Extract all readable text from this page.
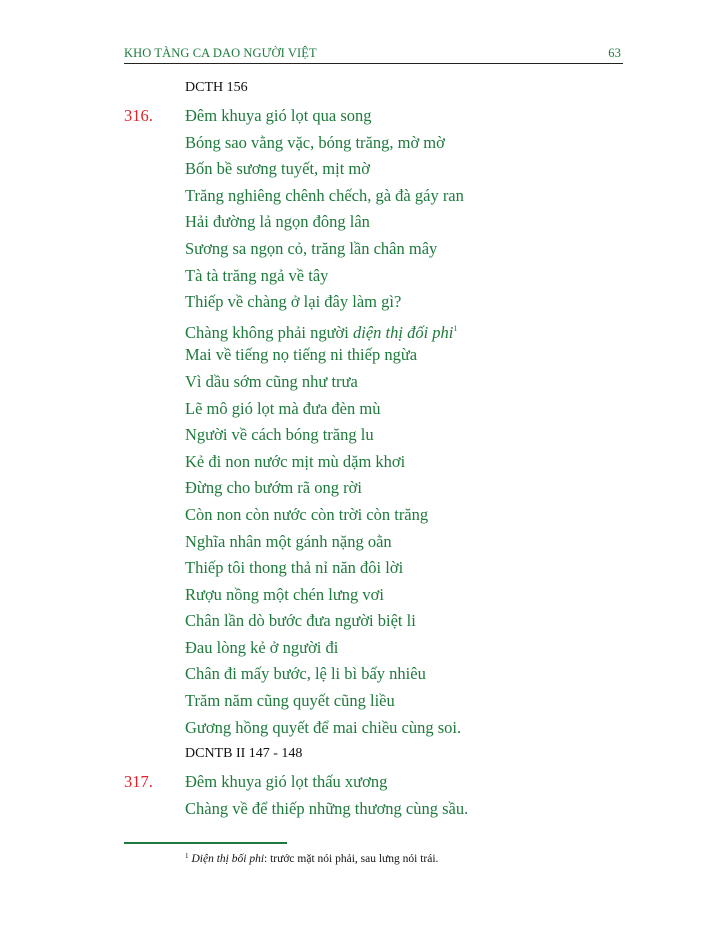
KHO TÀNG CA DAO NGƯỜI VIỆT	63
DCTH 156
316. Đêm khuya gió lọt qua song
Bóng sao vằng vặc, bóng trăng, mờ mờ
Bốn bề sương tuyết, mịt mờ
Trăng nghiêng chênh chếch, gà đà gáy ran
Hải đường lả ngọn đông lân
Sương sa ngọn cỏ, trăng lần chân mây
Tà tà trăng ngả về tây
Thiếp về chàng ở lại đây làm gì?
Chàng không phải người diện thị đối phi$^1$
Mai về tiếng nọ tiếng ni thiếp ngừa
Vì dầu sớm cũng như trưa
Lẽ mô gió lọt mà đưa đèn mù
Người về cách bóng trăng lu
Kẻ đi non nước mịt mù dặm khơi
Đừng cho bướm rã ong rời
Còn non còn nước còn trời còn trăng
Nghĩa nhân một gánh nặng oằn
Thiếp tôi thong thả nỉ năn đôi lời
Rượu nồng một chén lưng vơi
Chân lần dò bước đưa người biệt li
Đau lòng kẻ ở người đi
Chân đi mấy bước, lệ li bì bấy nhiêu
Trăm năm cũng quyết cũng liều
Gương hồng quyết để mai chiều cùng soi.
DCNTB II 147 - 148
317. Đêm khuya gió lọt thấu xương
Chàng về để thiếp những thương cùng sầu.
$^1$ Diện thị bối phi: trước mặt nói phải, sau lưng nói trái.
